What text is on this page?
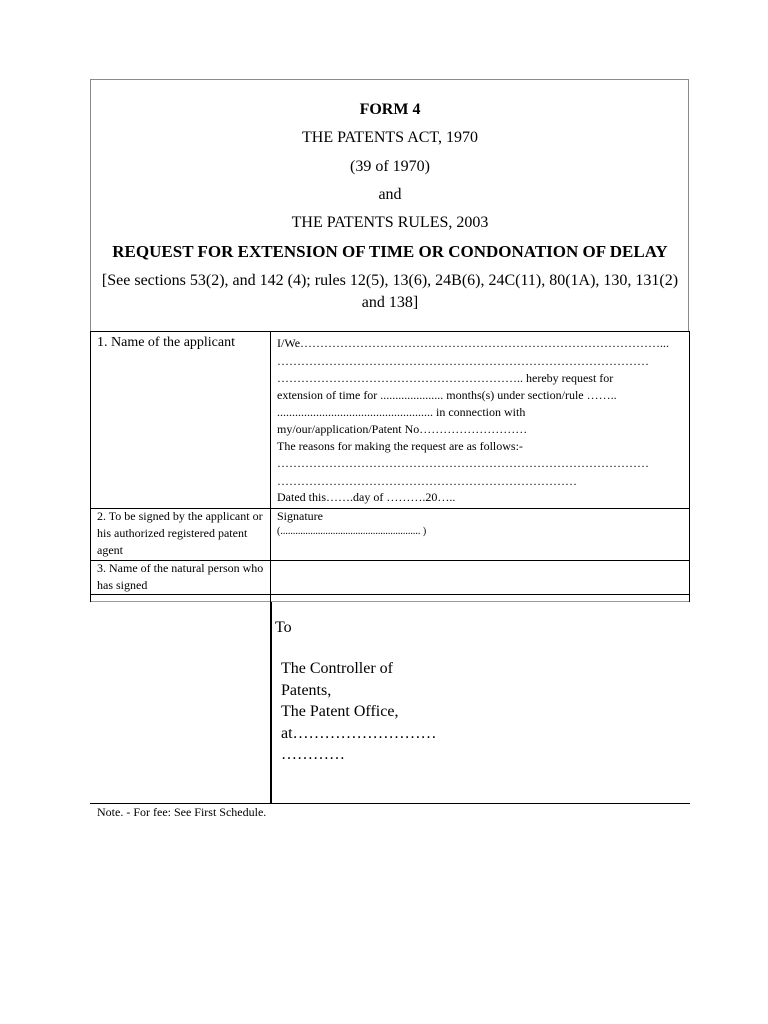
FORM 4
THE PATENTS ACT, 1970
(39 of 1970)
and
THE PATENTS RULES, 2003
REQUEST FOR EXTENSION OF TIME OR CONDONATION OF DELAY
[See sections 53(2), and 142 (4); rules 12(5), 13(6), 24B(6), 24C(11), 80(1A), 130, 131(2) and 138]
1. Name of the applicant
2. To be signed by the applicant or his authorized registered patent agent
3. Name of the natural person who has signed
I/We………………………………………………………………………………...
…………………………………………………………………………………
…………………………………………………….. hereby request for
extension of time for ..................... months(s) under section/rule ……..
.................................................... in connection with
my/our/application/Patent No………………………
The reasons for making the request are as follows:-
…………………………………………………………………………………
…………………………………………………………………
Dated this…….day of ……….20…..
Signature
(........................................................ )
To
The Controller of
Patents,
The Patent Office,
at………………………
…………
Note. - For fee: See First Schedule.
